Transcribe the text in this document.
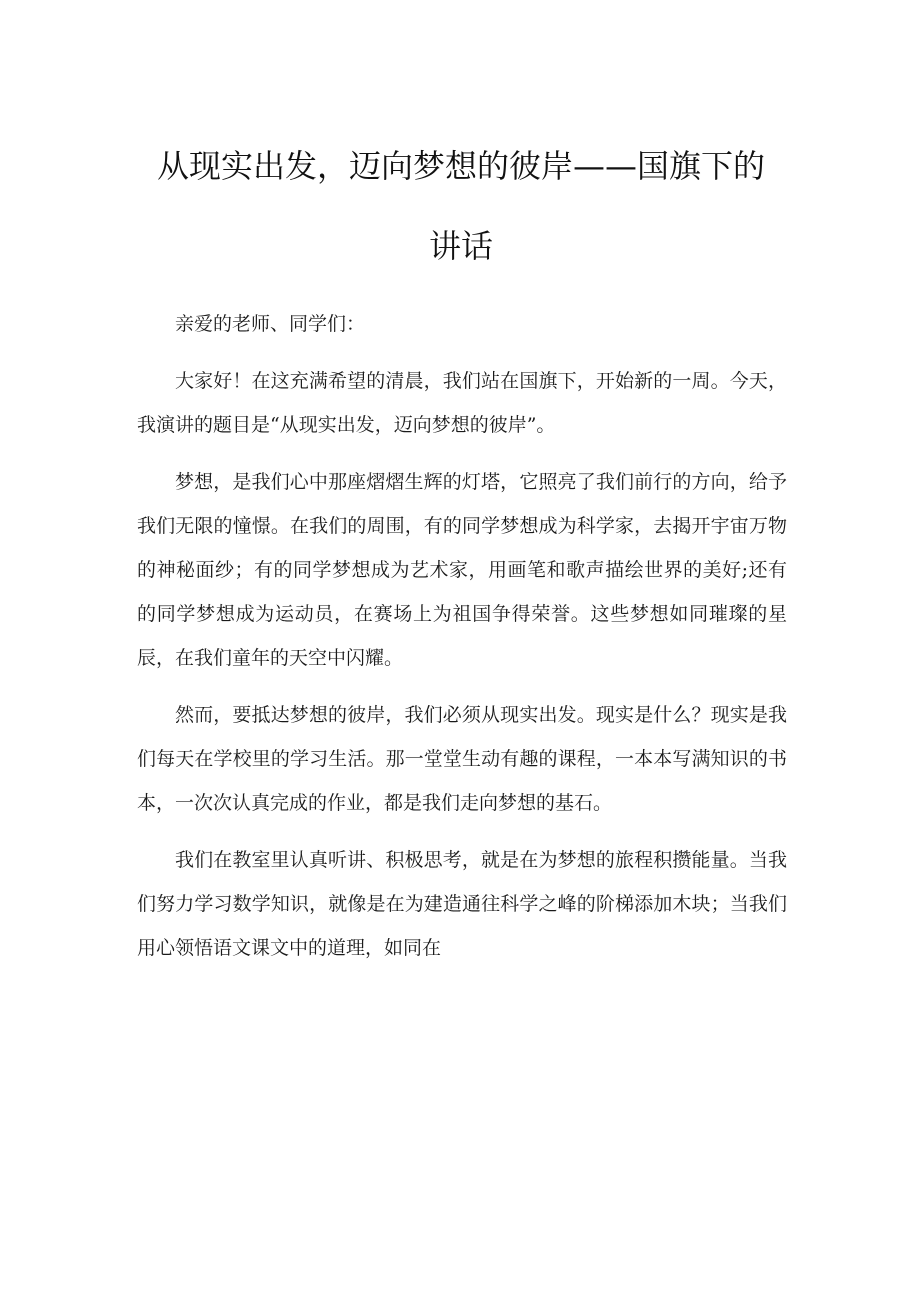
从现实出发，迈向梦想的彼岸——国旗下的
讲话

亲爱的老师、同学们：

大家好！在这充满希望的清晨，我们站在国旗下，开始新的一周。今天，我演讲的题目是“从现实出发，迈向梦想的彼岸”。

梦想，是我们心中那座熠熠生辉的灯塔，它照亮了我们前行的方向，给予我们无限的憧憬。在我们的周围，有的同学梦想成为科学家，去揭开宇宙万物的神秘面纱；有的同学梦想成为艺术家，用画笔和歌声描绘世界的美好;还有的同学梦想成为运动员，在赛场上为祖国争得荣誉。这些梦想如同璀璨的星辰，在我们童年的天空中闪耀。

然而，要抵达梦想的彼岸，我们必须从现实出发。现实是什么？现实是我们每天在学校里的学习生活。那一堂堂生动有趣的课程，一本本写满知识的书本，一次次认真完成的作业，都是我们走向梦想的基石。

我们在教室里认真听讲、积极思考，就是在为梦想的旅程积攒能量。当我们努力学习数学知识，就像是在为建造通往科学之峰的阶梯添加木块；当我们用心领悟语文课文中的道理，如同在
